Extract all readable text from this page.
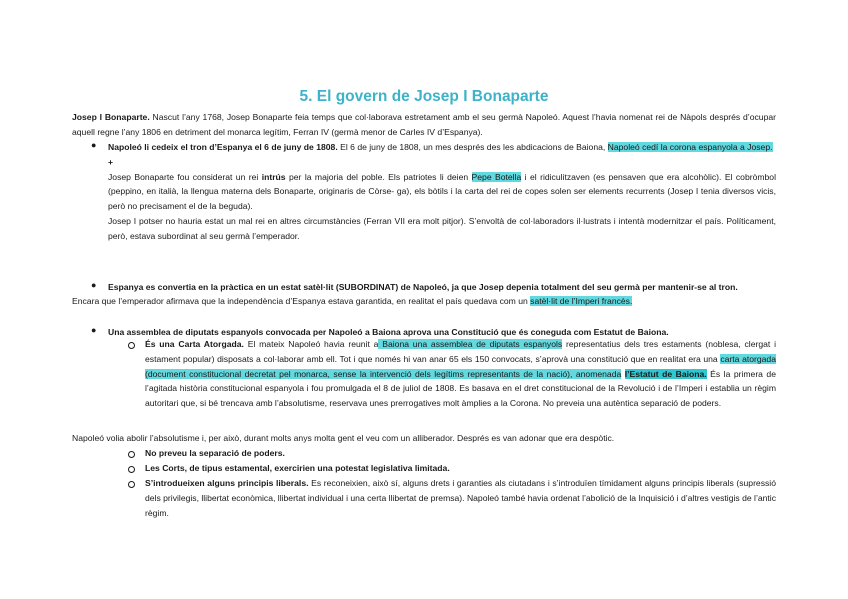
5. El govern de Josep I Bonaparte
Josep I Bonaparte. Nascut l’any 1768, Josep Bonaparte feia temps que col·laborava estretament amb el seu germà Napoleó. Aquest l’havia nomenat rei de Nàpols després d’ocupar aquell regne l’any 1806 en detriment del monarca legítim, Ferran IV (germà menor de Carles IV d’Espanya).
● Napoleó li cedeix el tron d’Espanya el 6 de juny de 1808. El 6 de juny de 1808, un mes després des les abdicacions de Baiona, Napoleó cedí la corona espanyola a Josep.
+
Josep Bonaparte fou considerat un rei intrús per la majoria del poble. Els patriotes li deien Pepe Botella i el ridiculitzaven (es pensaven que era alcohòlic). El cobròmbol (peppino, en italià, la llengua materna dels Bonaparte, originaris de Còrse- ga), els bòtils i la carta del rei de copes solen ser elements recurrents (Josep I tenia diversos vicis, però no precisament el de la beguda).
Josep I potser no hauria estat un mal rei en altres circumstàncies (Ferran VII era molt pitjor). S’envoltà de col·laboradors il·lustrats i intentà modernitzar el país. Políticament, però, estava subordinat al seu germà l’emperador.
● Espanya es convertia en la pràctica en un estat satèl·lit (SUBORDINAT) de Napoleó, ja que Josep depenia totalment del seu germà per mantenir-se al tron.
Encara que l’emperador afirmava que la independència d’Espanya estava garantida, en realitat el país quedava com un satèl·lit de l’Imperi francès.
● Una assemblea de diputats espanyols convocada per Napoleó a Baiona aprova una Constitució que és coneguda com Estatut de Baiona.
És una Carta Atorgada. El mateix Napoleó havia reunit a Baiona una assemblea de diputats espanyols representatius dels tres estaments (noblesa, clergat i estament popular) disposats a col·laborar amb ell. Tot i que només hi van anar 65 els 150 convocats, s’aprovà una constitució que en realitat era una carta atorgada (document constitucional decretat pel monarca, sense la intervenció dels legítims representants de la nació), anomenada l’Estatut de Baiona. És la primera de l’agitada història constitucional espanyola i fou promulgada el 8 de juliol de 1808. Es basava en el dret constitucional de la Revolució i de l’Imperi i establia un règim autoritari que, si bé trencava amb l’absolutisme, reservava unes prerrogatives molt àmplies a la Corona. No preveia una autèntica separació de poders.
Napoleó volia abolir l’absolutisme i, per això, durant molts anys molta gent el veu com un alliberador. Després es van adonar que era despòtic.
No preveu la separació de poders.
Les Corts, de tipus estamental, exercirien una potestat legislativa limitada.
S’introdueixen alguns principis liberals. Es reconeixien, això sí, alguns drets i garanties als ciutadans i s’introduïen tímidament alguns principis liberals (supressió dels privilegis, llibertat econòmica, llibertat individual i una certa llibertat de premsa). Napoleó també havia ordenat l’abolició de la Inquisició i d’altres vestigis de l’antic règim.
